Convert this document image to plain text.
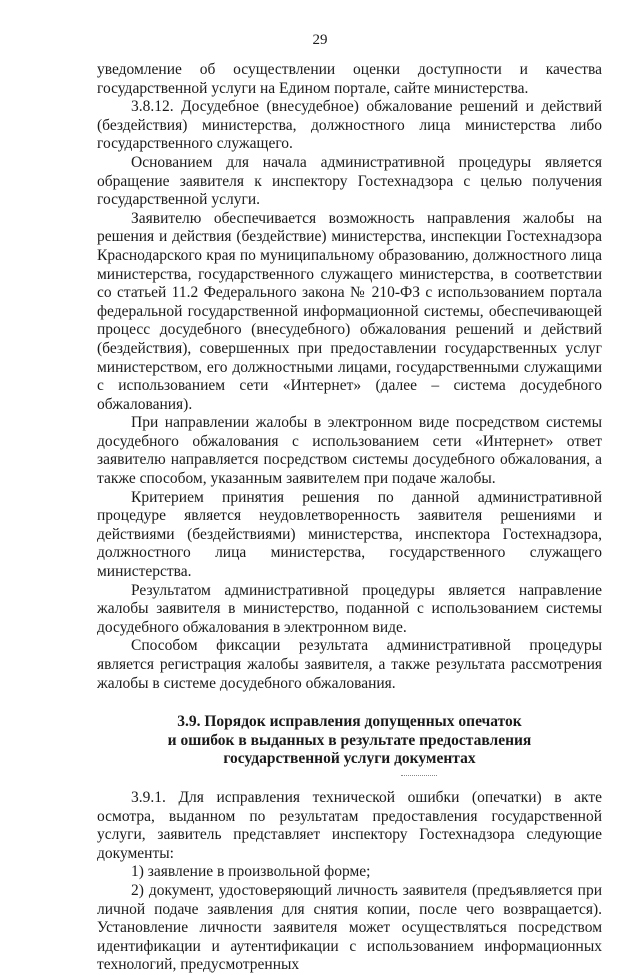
29

уведомление об осуществлении оценки доступности и качества государственной услуги на Едином портале, сайте министерства.

3.8.12. Досудебное (внесудебное) обжалование решений и действий (бездействия) министерства, должностного лица министерства либо государственного служащего.

Основанием для начала административной процедуры является обращение заявителя к инспектору Гостехнадзора с целью получения государственной услуги.

Заявителю обеспечивается возможность направления жалобы на решения и действия (бездействие) министерства, инспекции Гостехнадзора Краснодарского края по муниципальному образованию, должностного лица министерства, государственного служащего министерства, в соответствии со статьей 11.2 Федерального закона № 210-ФЗ с использованием портала федеральной государственной информационной системы, обеспечивающей процесс досудебного (внесудебного) обжалования решений и действий (бездействия), совершенных при предоставлении государственных услуг министерством, его должностными лицами, государственными служащими с использованием сети «Интернет» (далее – система досудебного обжалования).

При направлении жалобы в электронном виде посредством системы досудебного обжалования с использованием сети «Интернет» ответ заявителю направляется посредством системы досудебного обжалования, а также способом, указанным заявителем при подаче жалобы.

Критерием принятия решения по данной административной процедуре является неудовлетворенность заявителя решениями и действиями (бездействиями) министерства, инспектора Гостехнадзора, должностного лица министерства, государственного служащего министерства.

Результатом административной процедуры является направление жалобы заявителя в министерство, поданной с использованием системы досудебного обжалования в электронном виде.

Способом фиксации результата административной процедуры является регистрация жалобы заявителя, а также результата рассмотрения жалобы в системе досудебного обжалования.

3.9. Порядок исправления допущенных опечаток
и ошибок в выданных в результате предоставления
государственной услуги документах

3.9.1. Для исправления технической ошибки (опечатки) в акте осмотра, выданном по результатам предоставления государственной услуги, заявитель представляет инспектору Гостехнадзора следующие документы:

1) заявление в произвольной форме;

2) документ, удостоверяющий личность заявителя (предъявляется при личной подаче заявления для снятия копии, после чего возвращается). Установление личности заявителя может осуществляться посредством идентификации и аутентификации с использованием информационных технологий, предусмотренных
